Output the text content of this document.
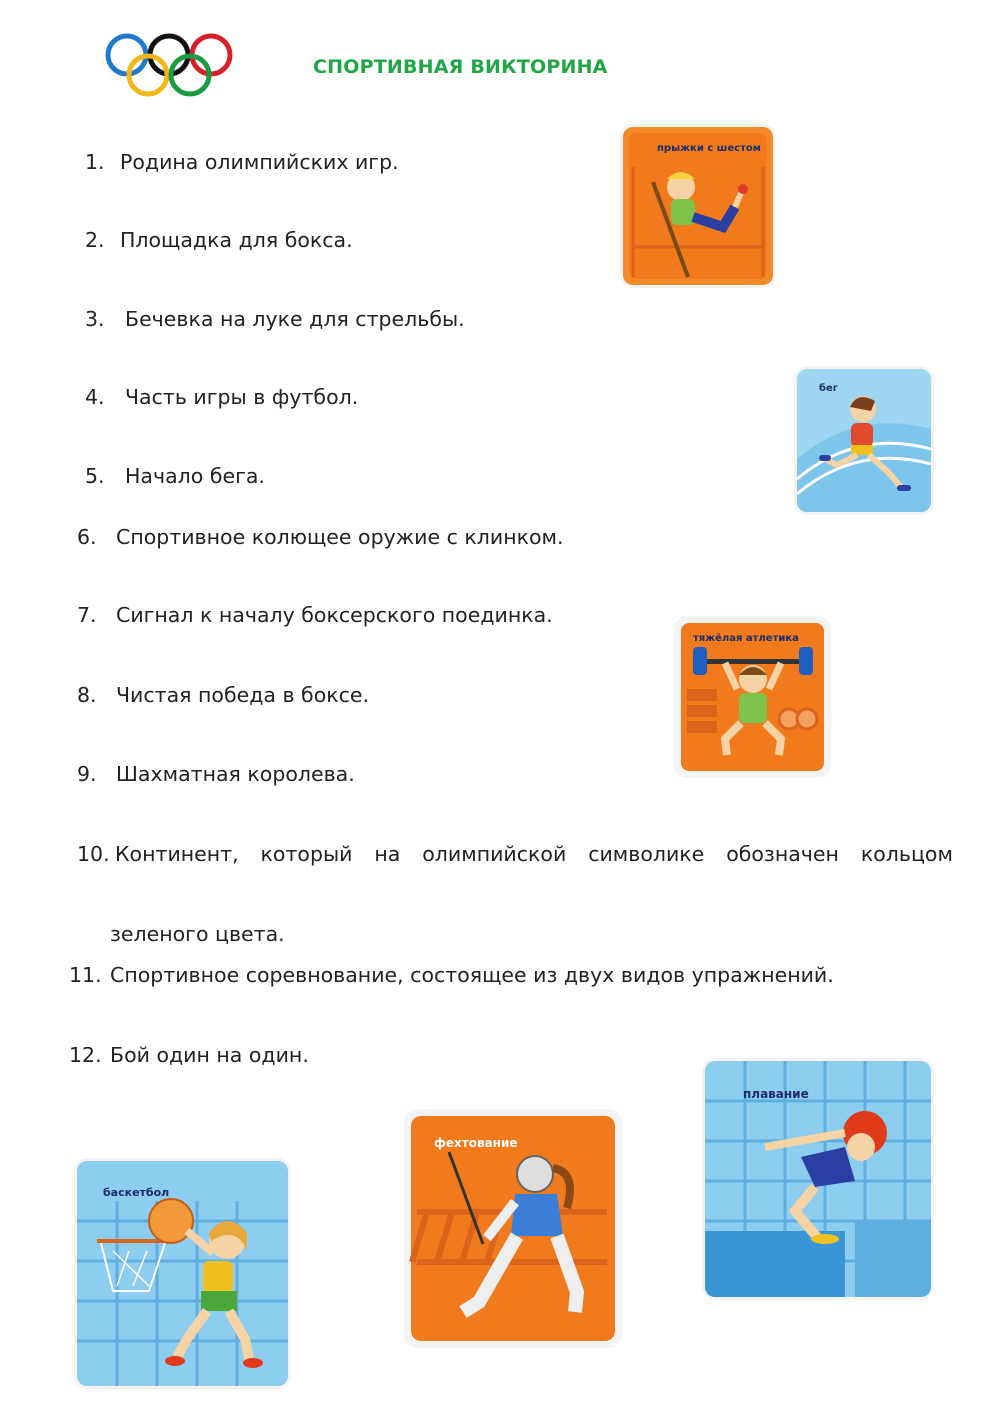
СПОРТИВНАЯ ВИКТОРИНА
1. Родина олимпийских игр.
2. Площадка для бокса.
3. Бечевка на луке для стрельбы.
4. Часть игры в футбол.
5. Начало бега.
6. Спортивное колющее оружие с клинком.
7. Сигнал к началу боксерского поединка.
8. Чистая победа в боксе.
9. Шахматная королева.
10. Континент, который на олимпийской символике обозначен кольцом
зеленого цвета.
11. Спортивное соревнование, состоящее из двух видов упражнений.
12. Бой один на один.
прыжки с шестом
бег
тяжёлая атлетика
плавание
фехтование
баскетбол
